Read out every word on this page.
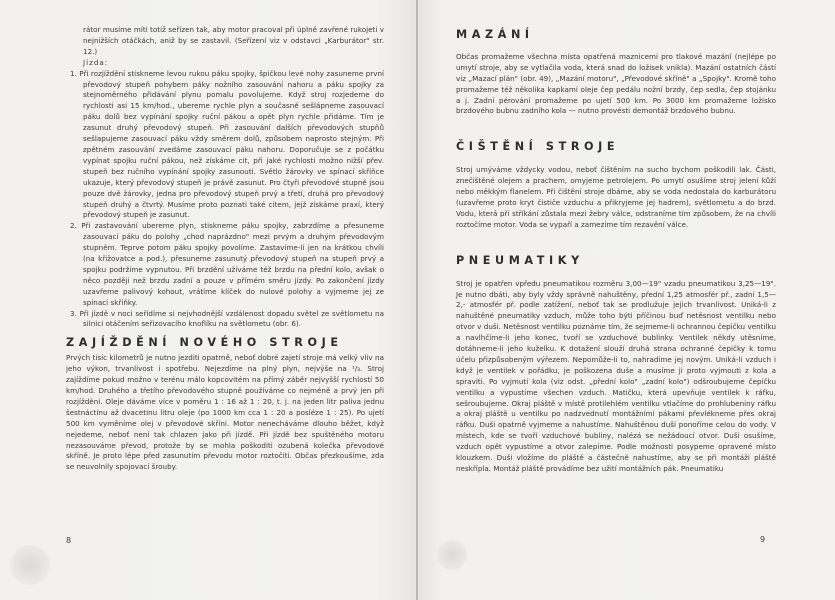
rátor musíme míti totiž seřízen tak, aby motor pracoval při úplně zavřené rukojeti v nejnižších otáčkách, aniž by se zastavil. (Seřízení viz v odstavci „Karburátor" str. 12.)

Jízda:

1. Při rozjíždění stiskneme levou rukou páku spojky, špičkou levé nohy zasuneme první převodový stupeň pohybem páky nožního zasouvání nahoru a páku spojky za stejnoměrného přidávání plynu pomalu povolujeme. Když stroj rozjedeme do rychlosti asi 15 km/hod., ubereme rychle plyn a současně sešlápneme zasouvací páku dolů bez vypínání spojky ruční pákou a opět plyn rychle přidáme. Tím je zasunut druhý převodový stupeň. Při zasouvání dalších převodových stupňů sešlapujeme zasouvací páku vždy směrem dolů, způsobem naprosto stejným. Při zpětném zasouvání zvedáme zasouvací páku nahoru. Doporučuje se z počátku vypínat spojku ruční pákou, než získáme cit, při jaké rychlosti možno nižší přev. stupeň bez ručního vypínání spojky zasunouti. Světlo žárovky ve spínací skříňce ukazuje, který převodový stupeň je právě zasunut. Pro čtyři převodové stupně jsou pouze dvě žárovky, jedna pro převodový stupeň prvý a třetí, druhá pro převodový stupeň druhý a čtvrtý. Musíme proto poznati také citem, jejž získáme praxí, který převodový stupeň je zasunut.
2. Při zastavování ubereme plyn, stiskneme páku spojky, zabrzdíme a přesuneme zasouvací páku do polohy „chod naprázdno" mezi prvým a druhým převodovým stupněm. Teprve potom páku spojky povolíme. Zastavíme-li jen na krátkou chvíli (na křižovatce a pod.), přesuneme zasunutý převodový stupeň na stupeň prvý a spojku podržíme vypnutou. Při brzdění užíváme též brzdu na přední kolo, avšak o něco později než brzdu zadní a pouze v přímém směru jízdy. Po zakončení jízdy uzavřeme palivový kohout, vrátíme klíček do nulové polohy a vyjmeme jej ze spínací skříňky.
3. Při jízdě v noci seřídíme si nejvhodnější vzdálenost dopadu světel ze světlometu na silnici otáčením seřizovacího knoflíku na světlometu (obr. 6).
ZAJÍŽDĚNÍ NOVÉHO STROJE

Prvých tisíc kilometrů je nutno jezditi opatrně, neboť dobré zajetí stroje má velký vliv na jeho výkon, trvanlivost i spotřebu. Nejezdíme na plný plyn, nejvýše na ¹/₃. Stroj zajíždíme pokud možno v terénu málo kopcovitém na přímý záběr nejvyšší rychlostí 50 km/hod. Druhého a třetího převodového stupně používáme co nejméně a prvý jen při rozjíždění. Oleje dáváme více v poměru 1 : 16 až 1 : 20, t. j. na jeden litr paliva jednu šestnáctinu až dvacetinu litru oleje (po 1000 km cca 1 : 20 a posléze 1 : 25). Po ujetí 500 km vyměníme olej v převodové skříni. Motor nenecháváme dlouho běžet, když nejedeme, neboť není tak chlazen jako při jízdě. Při jízdě bez spuštěného motoru nezasouváme převod, protože by se mohla poškoditi ozubená kolečka převodové skříně. Je proto lépe před zasunutím převodu motor roztočiti. Občas přezkoušíme, zda se neuvolnily spojovací šrouby.

8
MAZÁNÍ

Občas promažeme všechna místa opatřená maznicemi pro tlakové mazání (nejlépe po umytí stroje, aby se vytlačila voda, která snad do ložisek vnikla). Mazání ostatních částí viz „Mazací plán" (obr. 49), „Mazání motoru", „Převodové skříně" a „Spojky". Kromě toho promažeme též několika kapkami oleje čep pedálu nožní brzdy, čep sedla, čep stojánku a j. Zadní pérování promažeme po ujetí 500 km. Po 3000 km promažeme ložisko brzdového bubnu zadního kola — nutno provésti demontáž brzdového bubnu.

ČIŠTĚNÍ STROJE

Stroj umýváme vždycky vodou, neboť čištěním na sucho bychom poškodili lak. Části, znečištěné olejem a prachem, omyjeme petrolejem. Po umytí osušíme stroj jelení kůží nebo měkkým flanelem. Při čištění stroje dbáme, aby se voda nedostala do karburátoru (uzavřeme proto kryt čističe vzduchu a přikryjeme jej hadrem), světlometu a do brzd. Vodu, která při stříkání zůstala mezi žebry válce, odstraníme tím způsobem, že na chvíli roztočíme motor. Voda se vypaří a zamezíme tím rezavění válce.

PNEUMATIKY

Stroj je opatřen vpředu pneumatikou rozměru 3,00—19" vzadu pneumatikou 3,25—19". Je nutno dbáti, aby byly vždy správně nahuštěny, přední 1,25 atmosfér př., zadní 1,5—2,- atmosfér př. podle zatížení, neboť tak se prodlužuje jejich trvanlivost. Uniká-li z nahuštěné pneumatiky vzduch, může toho býti příčinou buď netěsnost ventilku nebo otvor v duši. Netěsnost ventilku poznáme tím, že sejmeme-li ochrannou čepičku ventilku a navlhčíme-li jeho konec, tvoří se vzduchové bublinky. Ventilek někdy utěsníme, dotáhneme-li jeho kuželku. K dotažení slouží druhá strana ochranné čepičky k tomu účelu přizpůsobeným výřezem. Nepomůže-li to, nahradíme jej novým. Uniká-li vzduch i když je ventilek v pořádku, je poškozena duše a musíme ji proto vyjmouti z kola a spraviti. Po vyjmutí kola (viz odst. „přední kolo" „zadní kolo") odšroubujeme čepičku ventilku a vypustíme všechen vzduch. Matičku, která upevňuje ventilek k ráfku, sešroubujeme. Okraj pláště v místě protilehlém ventilku vtlačíme do prohlubeniny ráfku a okraj pláště u ventilku po nadzvednutí montážními pákami převlékneme přes okraj ráfku. Duši opatrně vyjmeme a nahustíme. Nahuštěnou duši ponoříme celou do vody. V místech, kde se tvoří vzduchové bubliny, nalézá se nežádoucí otvor. Duši osušíme, vzduch opět vypustíme a otvor zalepíme. Podle možnosti posypeme opravené místo klouzkem. Duši vložíme do pláště a částečně nahustíme, aby se při montáži pláště neskřípla. Montáž pláště provádíme bez užití montážních pák. Pneumatiku

9
